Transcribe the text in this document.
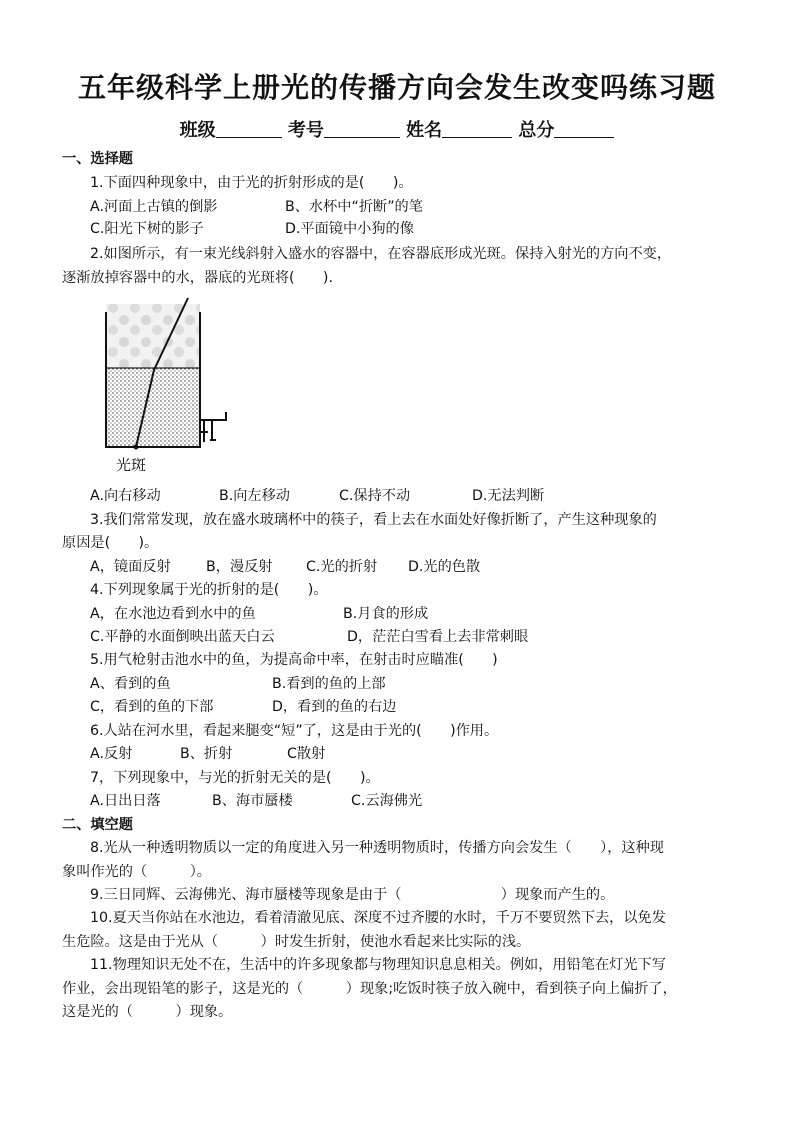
五年级科学上册光的传播方向会发生改变吗练习题
班级	考号	姓名	总分
一、选择题
1.下面四种现象中，由于光的折射形成的是(　　)。
A.河面上古镇的倒影	B、水杯中“折断”的笔
C.阳光下树的影子	D.平面镜中小狗的像
2.如图所示，有一束光线斜射入盛水的容器中，在容器底形成光斑。保持入射光的方向不变，
逐渐放掉容器中的水，器底的光斑将(　　).
光斑
A.向右移动	B.向左移动	C.保持不动	D.无法判断
3.我们常常发现，放在盛水玻璃杯中的筷子，看上去在水面处好像折断了，产生这种现象的
原因是(　　)。
A，镜面反射 B，漫反射 C.光的折射 D.光的色散
4.下列现象属于光的折射的是(　　)。
A，在水池边看到水中的鱼	B.月食的形成
C.平静的水面倒映出蓝天白云	D，茫茫白雪看上去非常刺眼
5.用气枪射击池水中的鱼，为提高命中率，在射击时应瞄准(　　)
A、看到的鱼	B.看到的鱼的上部
C，看到的鱼的下部	D，看到的鱼的右边
6.人站在河水里，看起来腿变“短”了，这是由于光的(　　)作用。
A.反射	B、折射	C散射
7，下列现象中，与光的折射无关的是(　　)。
A.日出日落	B、海市蜃楼	C.云海佛光
二、填空题
8.光从一种透明物质以一定的角度进入另一种透明物质时，传播方向会发生（　　），这种现
象叫作光的（　　　）。
9.三日同辉、云海佛光、海市蜃楼等现象是由于（　　　　　　　）现象而产生的。
10.夏天当你站在水池边，看着清澈见底、深度不过齐腰的水时，千万不要贸然下去，以免发
生危险。这是由于光从（　　　）时发生折射，使池水看起来比实际的浅。
11.物理知识无处不在，生活中的许多现象都与物理知识息息相关。例如，用铅笔在灯光下写
作业，会出现铅笔的影子，这是光的（　　　）现象;吃饭时筷子放入碗中，看到筷子向上偏折了，
这是光的（　　　）现象。
